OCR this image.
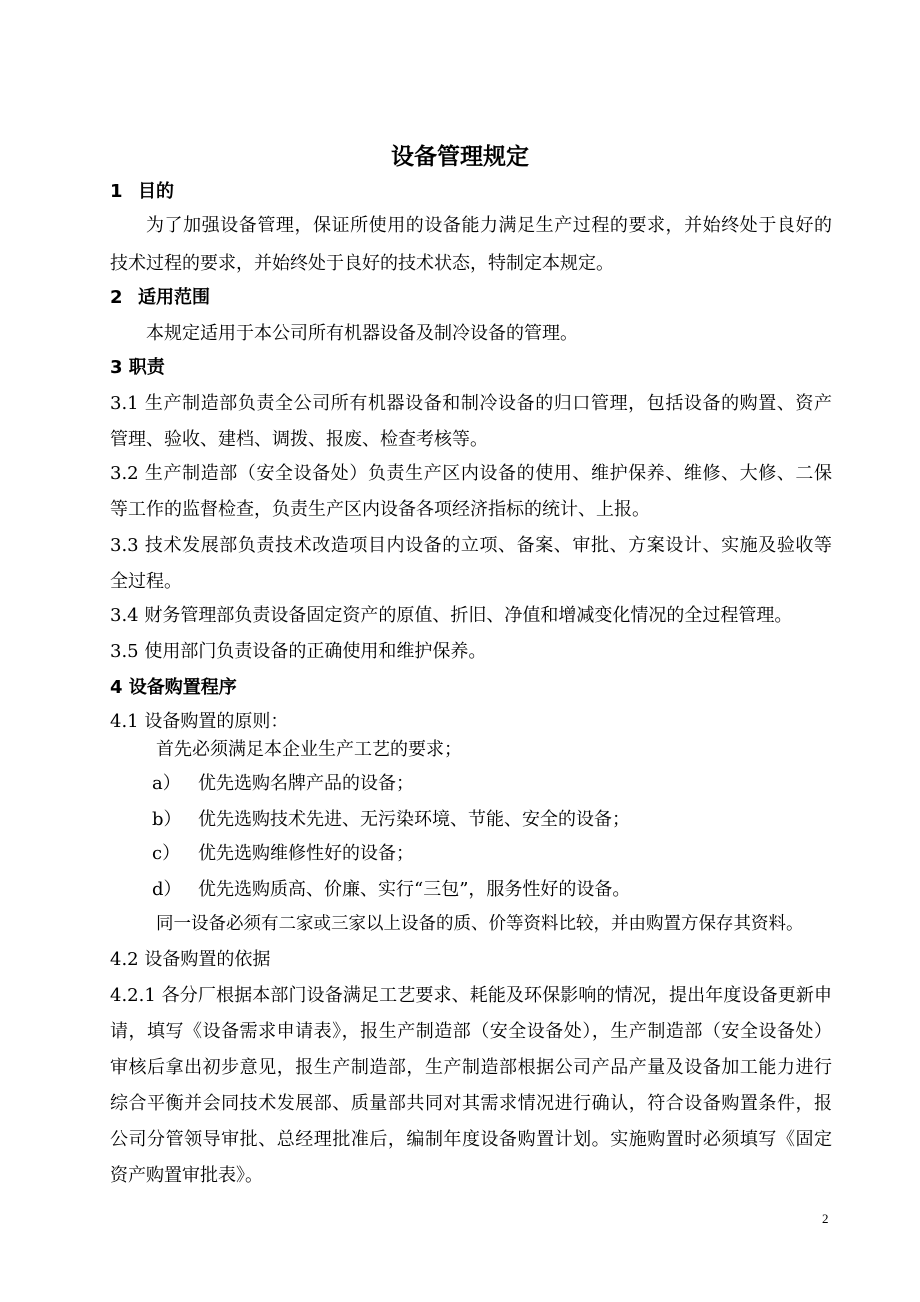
设备管理规定
1 目的
为了加强设备管理，保证所使用的设备能力满足生产过程的要求，并始终处于良好的
技术过程的要求，并始终处于良好的技术状态，特制定本规定。
2 适用范围
本规定适用于本公司所有机器设备及制冷设备的管理。
3 职责
3.1 生产制造部负责全公司所有机器设备和制冷设备的归口管理，包括设备的购置、资产
管理、验收、建档、调拨、报废、检查考核等。
3.2 生产制造部（安全设备处）负责生产区内设备的使用、维护保养、维修、大修、二保
等工作的监督检查，负责生产区内设备各项经济指标的统计、上报。
3.3 技术发展部负责技术改造项目内设备的立项、备案、审批、方案设计、实施及验收等
全过程。
3.4 财务管理部负责设备固定资产的原值、折旧、净值和增减变化情况的全过程管理。
3.5 使用部门负责设备的正确使用和维护保养。
4 设备购置程序
4.1 设备购置的原则：
首先必须满足本企业生产工艺的要求；
a） 优先选购名牌产品的设备；
b） 优先选购技术先进、无污染环境、节能、安全的设备；
c） 优先选购维修性好的设备；
d） 优先选购质高、价廉、实行“三包”，服务性好的设备。
同一设备必须有二家或三家以上设备的质、价等资料比较，并由购置方保存其资料。
4.2 设备购置的依据
4.2.1 各分厂根据本部门设备满足工艺要求、耗能及环保影响的情况，提出年度设备更新申
请，填写《设备需求申请表》，报生产制造部（安全设备处），生产制造部（安全设备处）
审核后拿出初步意见，报生产制造部，生产制造部根据公司产品产量及设备加工能力进行
综合平衡并会同技术发展部、质量部共同对其需求情况进行确认，符合设备购置条件，报
公司分管领导审批、总经理批准后，编制年度设备购置计划。实施购置时必须填写《固定
资产购置审批表》。
2
